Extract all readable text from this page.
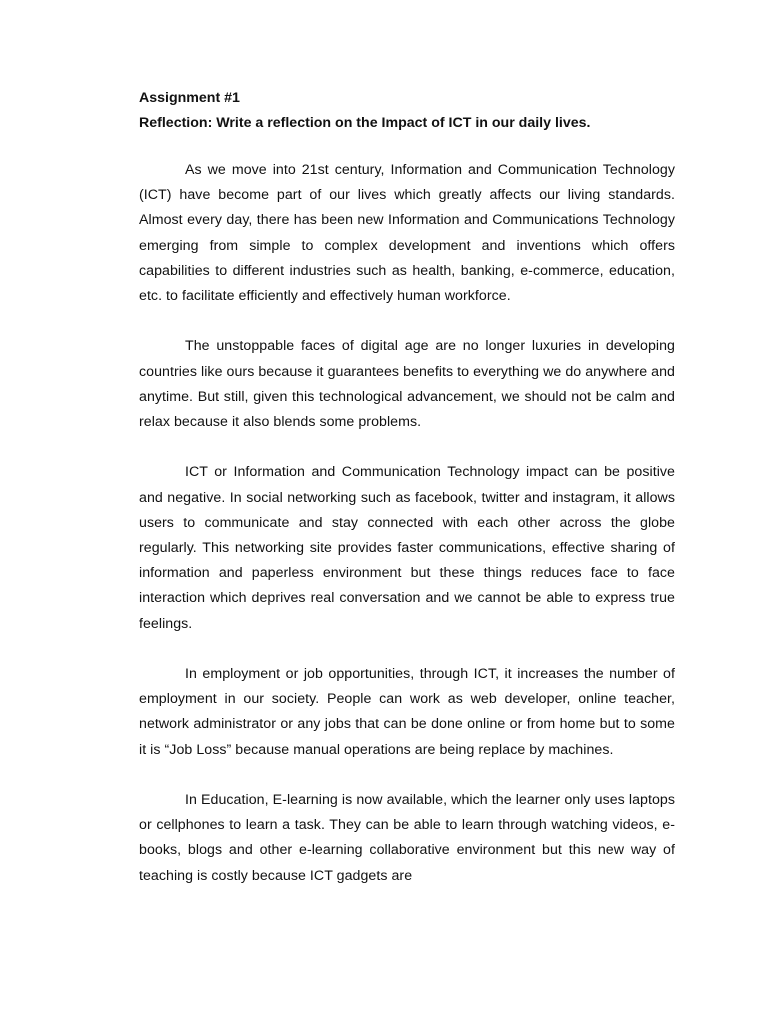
Assignment #1
Reflection: Write a reflection on the Impact of ICT in our daily lives.

As we move into 21st century, Information and Communication Technology (ICT) have become part of our lives which greatly affects our living standards. Almost every day, there has been new Information and Communications Technology emerging from simple to complex development and inventions which offers capabilities to different industries such as health, banking, e-commerce, education, etc. to facilitate efficiently and effectively human workforce.

The unstoppable faces of digital age are no longer luxuries in developing countries like ours because it guarantees benefits to everything we do anywhere and anytime. But still, given this technological advancement, we should not be calm and relax because it also blends some problems.

ICT or Information and Communication Technology impact can be positive and negative. In social networking such as facebook, twitter and instagram, it allows users to communicate and stay connected with each other across the globe regularly. This networking site provides faster communications, effective sharing of information and paperless environment but these things reduces face to face interaction which deprives real conversation and we cannot be able to express true feelings.

In employment or job opportunities, through ICT, it increases the number of employment in our society. People can work as web developer, online teacher, network administrator or any jobs that can be done online or from home but to some it is “Job Loss” because manual operations are being replace by machines.

In Education, E-learning is now available, which the learner only uses laptops or cellphones to learn a task. They can be able to learn through watching videos, e-books, blogs and other e-learning collaborative environment but this new way of teaching is costly because ICT gadgets are
